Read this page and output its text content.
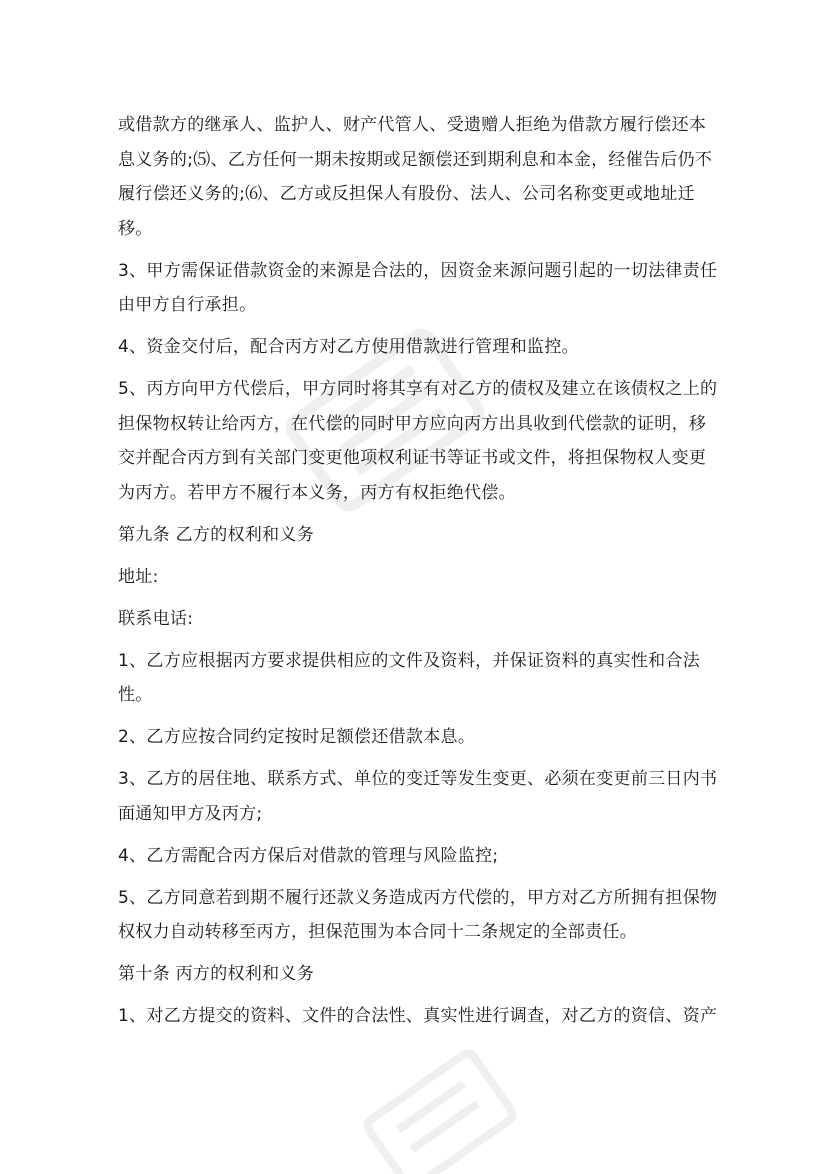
或借款方的继承人、监护人、财产代管人、受遗赠人拒绝为借款方履行偿还本息义务的;⑸、乙方任何一期未按期或足额偿还到期利息和本金，经催告后仍不履行偿还义务的;⑹、乙方或反担保人有股份、法人、公司名称变更或地址迁移。

3、甲方需保证借款资金的来源是合法的，因资金来源问题引起的一切法律责任由甲方自行承担。

4、资金交付后，配合丙方对乙方使用借款进行管理和监控。

5、丙方向甲方代偿后，甲方同时将其享有对乙方的债权及建立在该债权之上的担保物权转让给丙方，在代偿的同时甲方应向丙方出具收到代偿款的证明，移交并配合丙方到有关部门变更他项权利证书等证书或文件，将担保物权人变更为丙方。若甲方不履行本义务，丙方有权拒绝代偿。

第九条 乙方的权利和义务

地址:

联系电话:

1、乙方应根据丙方要求提供相应的文件及资料，并保证资料的真实性和合法性。

2、乙方应按合同约定按时足额偿还借款本息。

3、乙方的居住地、联系方式、单位的变迁等发生变更、必须在变更前三日内书面通知甲方及丙方;

4、乙方需配合丙方保后对借款的管理与风险监控;

5、乙方同意若到期不履行还款义务造成丙方代偿的，甲方对乙方所拥有担保物权权力自动转移至丙方，担保范围为本合同十二条规定的全部责任。

第十条 丙方的权利和义务

1、对乙方提交的资料、文件的合法性、真实性进行调查，对乙方的资信、资产
